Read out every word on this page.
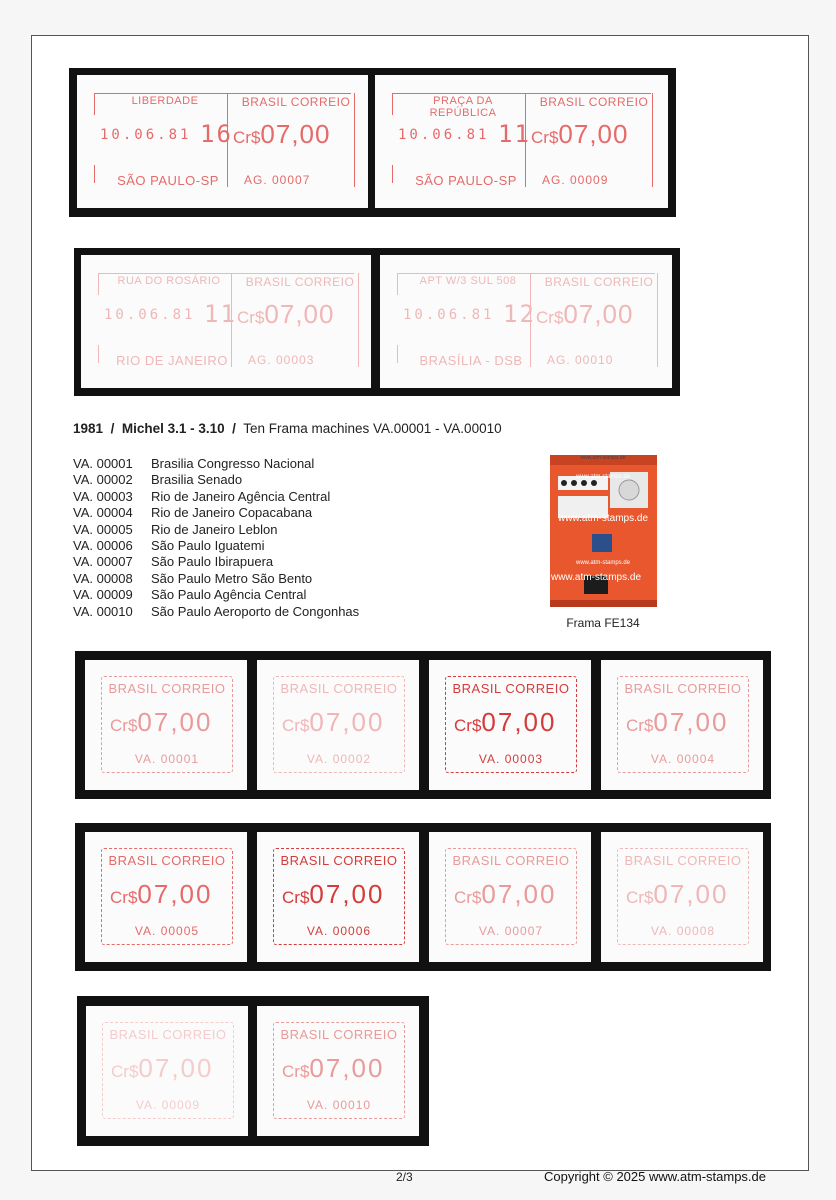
LIBERDADE	BRASIL CORREIO
10.06.81 16 Cr$07,00
SÃO PAULO-SP	AG. 00007
PRAÇA DA REPÚBLICA
BRASIL CORREIO
10.06.81 11 Cr$07,00
SÃO PAULO-SP	AG. 00009
RUA DO ROSÁRIO	BRASIL CORREIO
10.06.81 11 Cr$07,00
RIO DE JANEIRO	AG. 00003
APT W/3 SUL 508	BRASIL CORREIO
10.06.81 12 Cr$07,00
BRASÍLIA - DSB	AG. 00010
1981 / Michel 3.1 - 3.10 / Ten Frama machines VA.00001 - VA.00010
VA. 00001	Brasilia Congresso Nacional
VA. 00002	Brasilia Senado
VA. 00003	Rio de Janeiro Agência Central
VA. 00004	Rio de Janeiro Copacabana
VA. 00005	Rio de Janeiro Leblon
VA. 00006	São Paulo Iguatemi
VA. 00007	São Paulo Ibirapuera
VA. 00008	São Paulo Metro São Bento
VA. 00009	São Paulo Agência Central
VA. 00010	São Paulo Aeroporto de Congonhas
www.atm-stamps.de
www.atm-stamps.de
www.atm-stamps.de
www.atm-stamps.de
www.atm-stamps.de
Frama FE134
BRASIL CORREIO
Cr$07,00
VA. 00001
BRASIL CORREIO
Cr$07,00
VA. 00002
BRASIL CORREIO
Cr$07,00
VA. 00003
BRASIL CORREIO
Cr$07,00
VA. 00004
BRASIL CORREIO
Cr$07,00
VA. 00005
BRASIL CORREIO
Cr$07,00
VA. 00006
BRASIL CORREIO
Cr$07,00
VA. 00007
BRASIL CORREIO
Cr$07,00
VA. 00008
BRASIL CORREIO
Cr$07,00
VA. 00009
BRASIL CORREIO
Cr$07,00
VA. 00010
2/3	Copyright © 2025 www.atm-stamps.de
